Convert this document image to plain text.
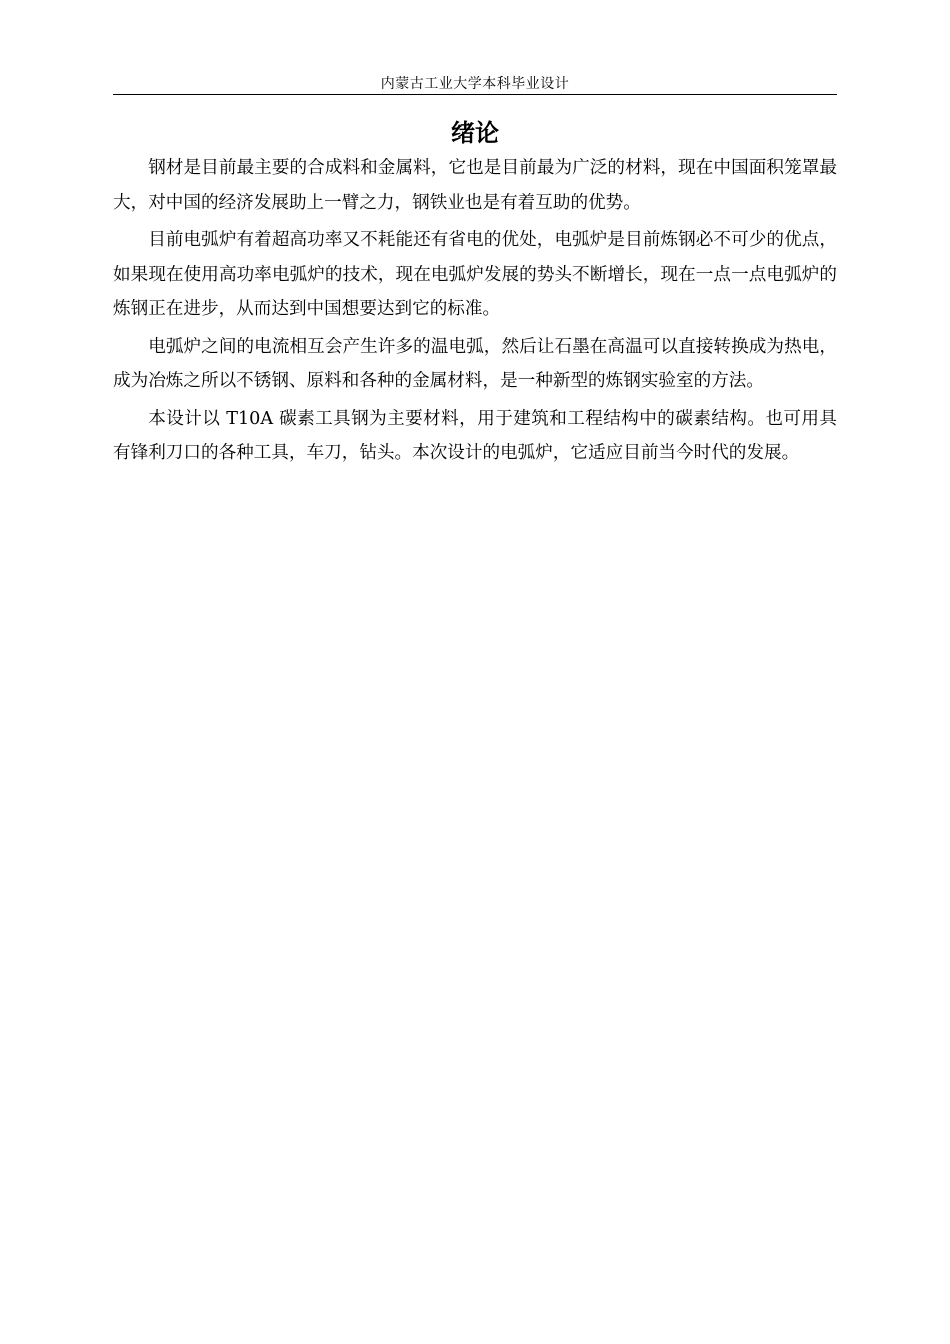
内蒙古工业大学本科毕业设计
绪论

钢材是目前最主要的合成料和金属料，它也是目前最为广泛的材料，现在中国面积笼罩最大，对中国的经济发展助上一臂之力，钢铁业也是有着互助的优势。

目前电弧炉有着超高功率又不耗能还有省电的优处，电弧炉是目前炼钢必不可少的优点，如果现在使用高功率电弧炉的技术，现在电弧炉发展的势头不断增长，现在一点一点电弧炉的炼钢正在进步，从而达到中国想要达到它的标准。

电弧炉之间的电流相互会产生许多的温电弧，然后让石墨在高温可以直接转换成为热电，成为冶炼之所以不锈钢、原料和各种的金属材料，是一种新型的炼钢实验室的方法。

本设计以 T10A 碳素工具钢为主要材料，用于建筑和工程结构中的碳素结构。也可用具有锋利刀口的各种工具，车刀，钻头。本次设计的电弧炉，它适应目前当今时代的发展。
